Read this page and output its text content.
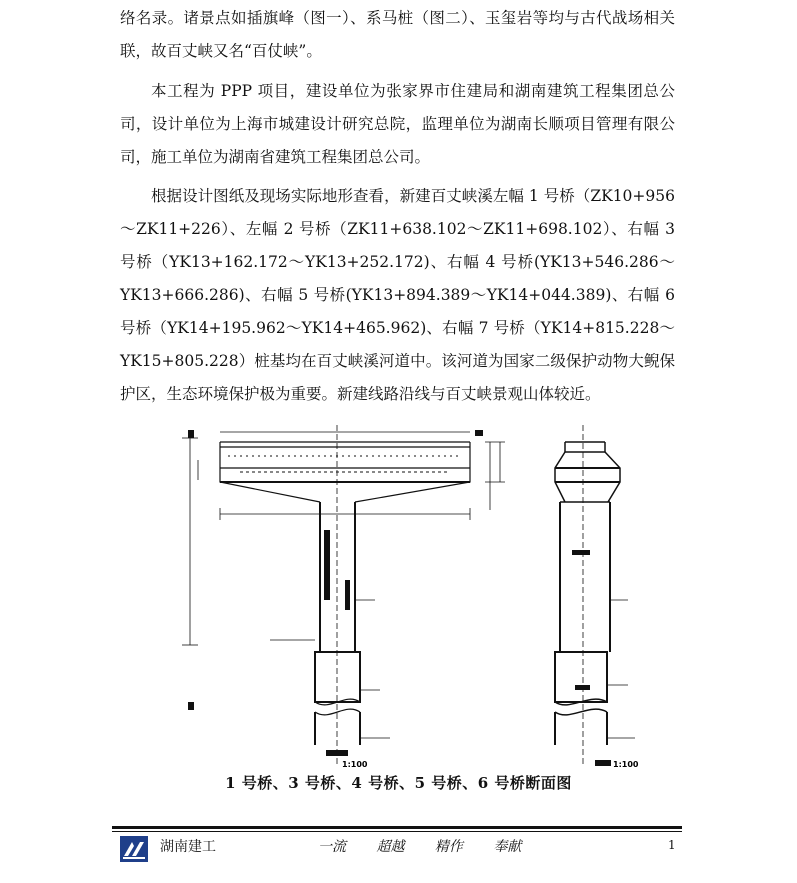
络名录。诸景点如插旗峰（图一）、系马桩（图二）、玉玺岩等均与古代战场相关联，故百丈峡又名“百仗峡”。

本工程为 PPP 项目，建设单位为张家界市住建局和湖南建筑工程集团总公司，设计单位为上海市城建设计研究总院，监理单位为湖南长顺项目管理有限公司，施工单位为湖南省建筑工程集团总公司。

根据设计图纸及现场实际地形查看，新建百丈峡溪左幅 1 号桥（ZK10+956～ZK11+226）、左幅 2 号桥（ZK11+638.102～ZK11+698.102）、右幅 3 号桥（YK13+162.172～YK13+252.172)、右幅 4 号桥(YK13+546.286～YK13+666.286)、右幅 5 号桥(YK13+894.389～YK14+044.389)、右幅 6 号桥（YK14+195.962～YK14+465.962)、右幅 7 号桥（YK14+815.228～YK15+805.228）桩基均在百丈峡溪河道中。该河道为国家二级保护动物大鲵保护区，生态环境保护极为重要。新建线路沿线与百丈峡景观山体较近。

1:100	1:100
1 号桥、3 号桥、4 号桥、5 号桥、6 号桥断面图
湖南建工	一流 超越 精作 奉献	1
